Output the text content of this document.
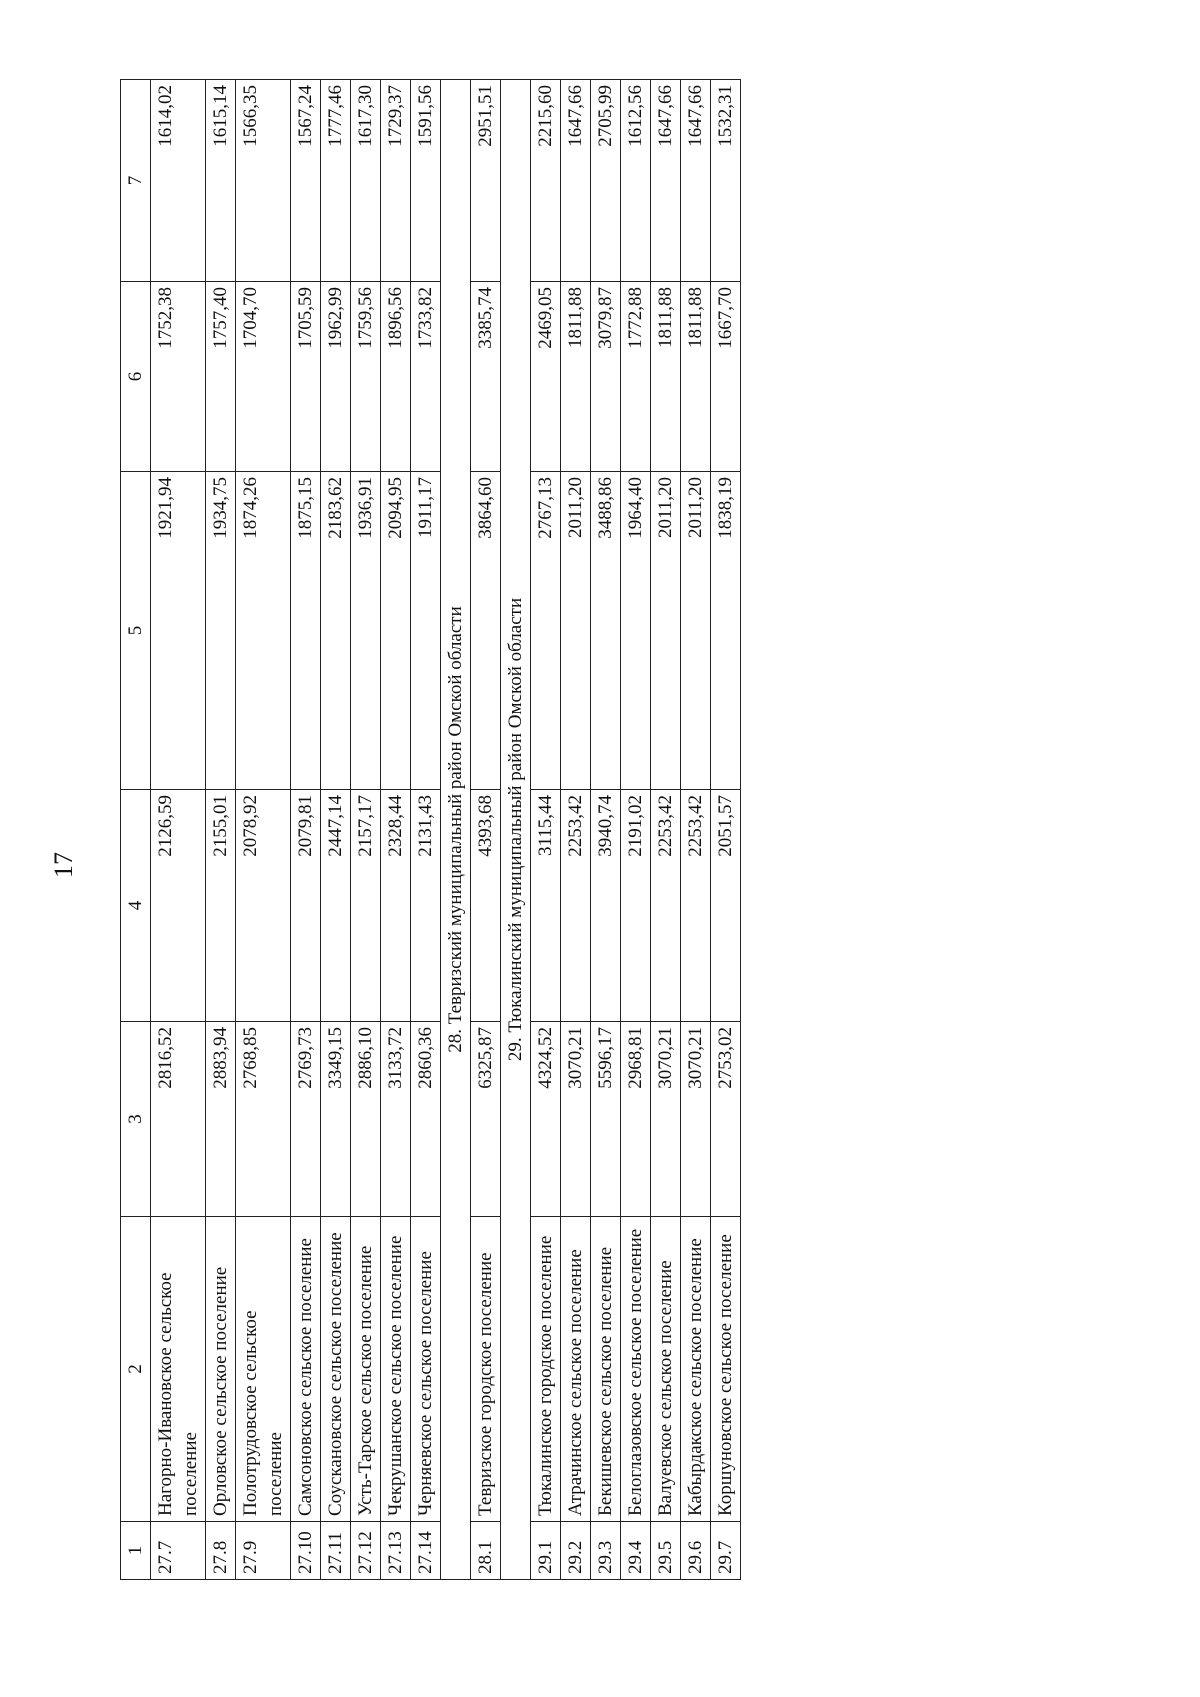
17
1	2	3	4	5	6	7
27.7	Нагорно-Ивановское сельское поселение	2816,52	2126,59	1921,94	1752,38	1614,02
27.8	Орловское сельское поселение	2883,94	2155,01	1934,75	1757,40	1615,14
27.9	Полотрудовское сельское поселение	2768,85	2078,92	1874,26	1704,70	1566,35
27.10	Самсоновское сельское поселение	2769,73	2079,81	1875,15	1705,59	1567,24
27.11	Соускановское сельское поселение	3349,15	2447,14	2183,62	1962,99	1777,46
27.12	Усть-Тарское сельское поселение	2886,10	2157,17	1936,91	1759,56	1617,30
27.13	Чекрушанское сельское поселение	3133,72	2328,44	2094,95	1896,56	1729,37
27.14	Черняевское сельское поселение	2860,36	2131,43	1911,17	1733,82	1591,56
28. Тевризский муниципальный район Омской области						
28.1	Тевризское городское поселение	6325,87	4393,68	3864,60	3385,74	2951,51
29. Тюкалинский муниципальный район Омской области						
29.1	Тюкалинское городское поселение	4324,52	3115,44	2767,13	2469,05	2215,60
29.2	Атрачинское сельское поселение	3070,21	2253,42	2011,20	1811,88	1647,66
29.3	Бекишевское сельское поселение	5596,17	3940,74	3488,86	3079,87	2705,99
29.4	Белоглазовское сельское поселение	2968,81	2191,02	1964,40	1772,88	1612,56
29.5	Валуевское сельское поселение	3070,21	2253,42	2011,20	1811,88	1647,66
29.6	Кабырдакское сельское поселение	3070,21	2253,42	2011,20	1811,88	1647,66
29.7	Коршуновское сельское поселение	2753,02	2051,57	1838,19	1667,70	1532,31
